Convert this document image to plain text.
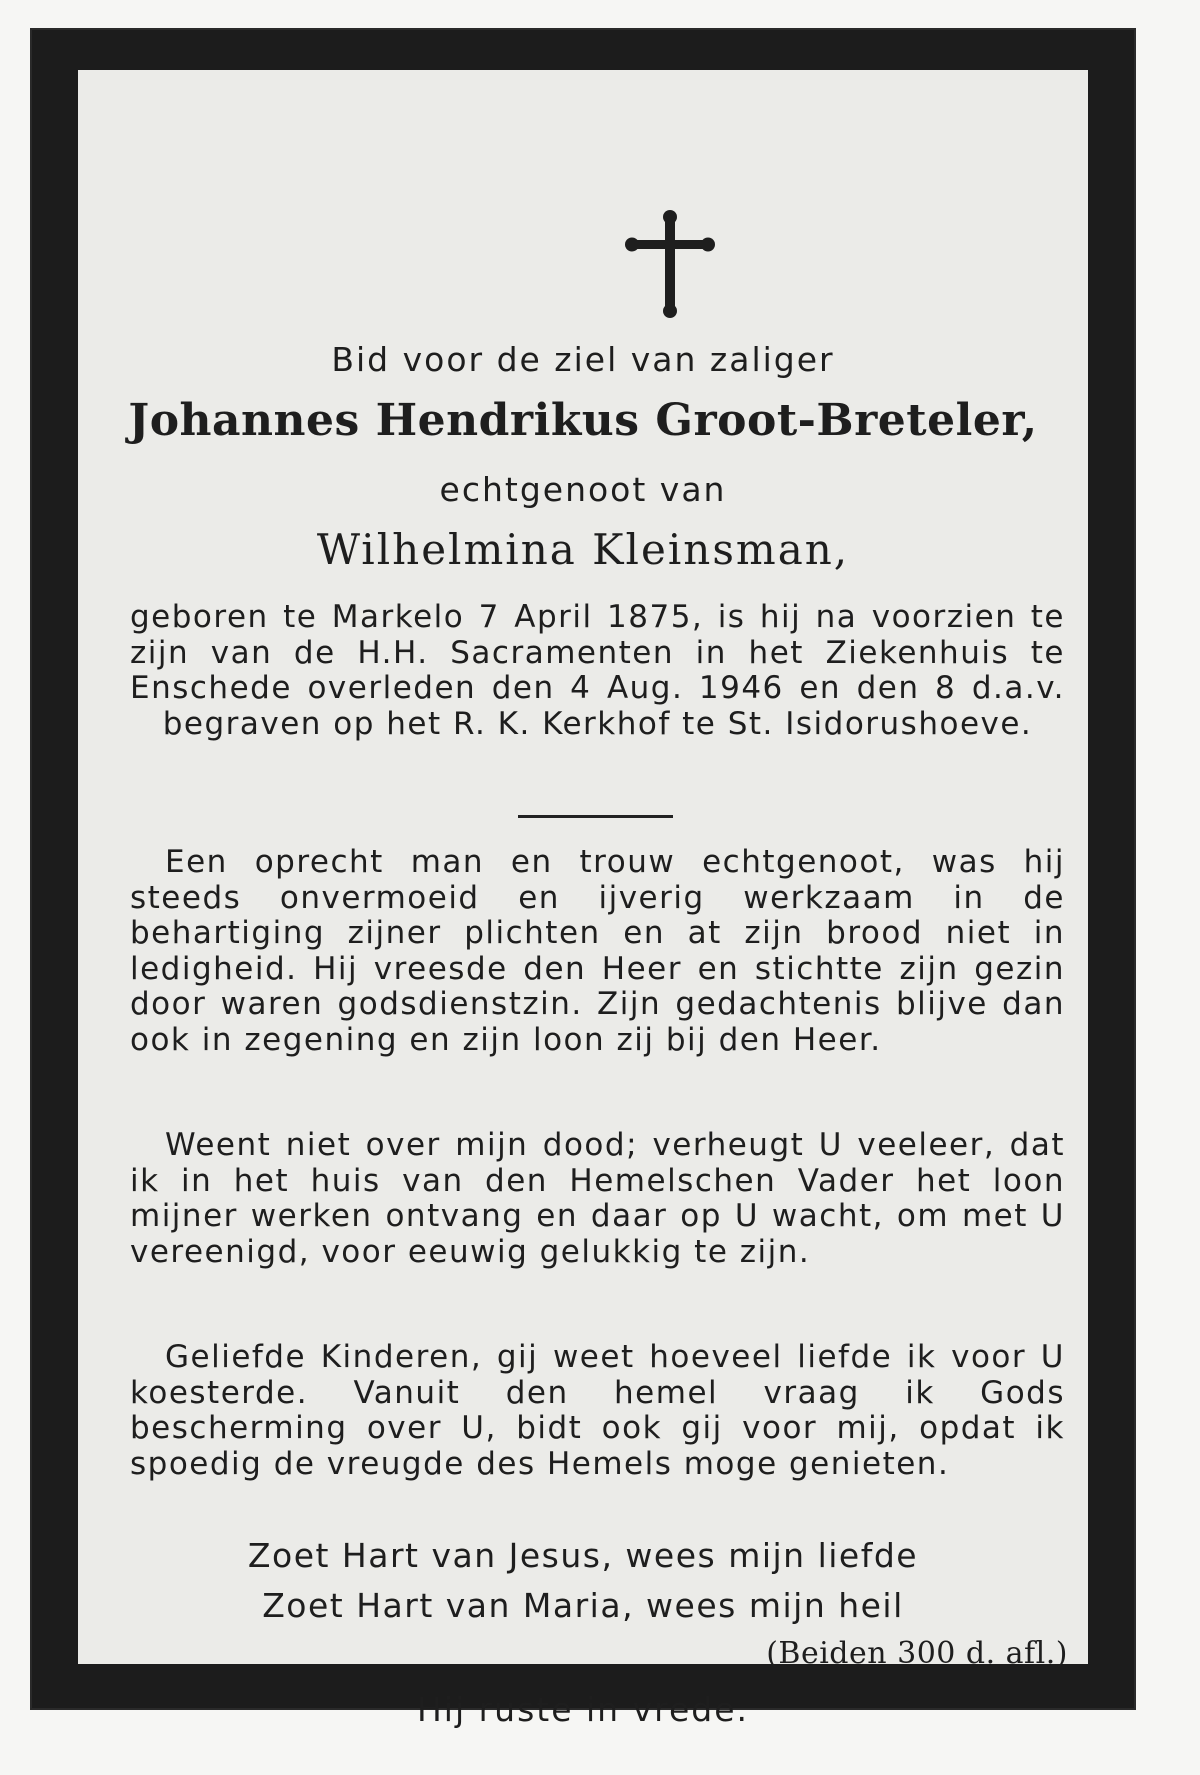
Bid voor de ziel van zaliger
Johannes Hendrikus Groot-Breteler,
echtgenoot van
Wilhelmina Kleinsman,
geboren te Markelo 7 April 1875, is hij na voorzien te zijn van de H.H. Sacramenten in het Ziekenhuis te Enschede overleden den 4 Aug. 1946 en den 8 d.a.v. begraven op het R. K. Kerkhof te St. Isidorushoeve.
Een oprecht man en trouw echtgenoot, was hij steeds onvermoeid en ijverig werkzaam in de behartiging zijner plichten en at zijn brood niet in ledigheid. Hij vreesde den Heer en stichtte zijn gezin door waren godsdienstzin. Zijn gedachtenis blijve dan ook in zegening en zijn loon zij bij den Heer.
Weent niet over mijn dood; verheugt U veeleer, dat ik in het huis van den Hemelschen Vader het loon mijner werken ontvang en daar op U wacht, om met U vereenigd, voor eeuwig gelukkig te zijn.
Geliefde Kinderen, gij weet hoeveel liefde ik voor U koesterde. Vanuit den hemel vraag ik Gods bescherming over U, bidt ook gij voor mij, opdat ik spoedig de vreugde des Hemels moge genieten.
Zoet Hart van Jesus, wees mijn liefde
Zoet Hart van Maria, wees mijn heil
(Beiden 300 d. afl.)
Hij ruste in vrede.
